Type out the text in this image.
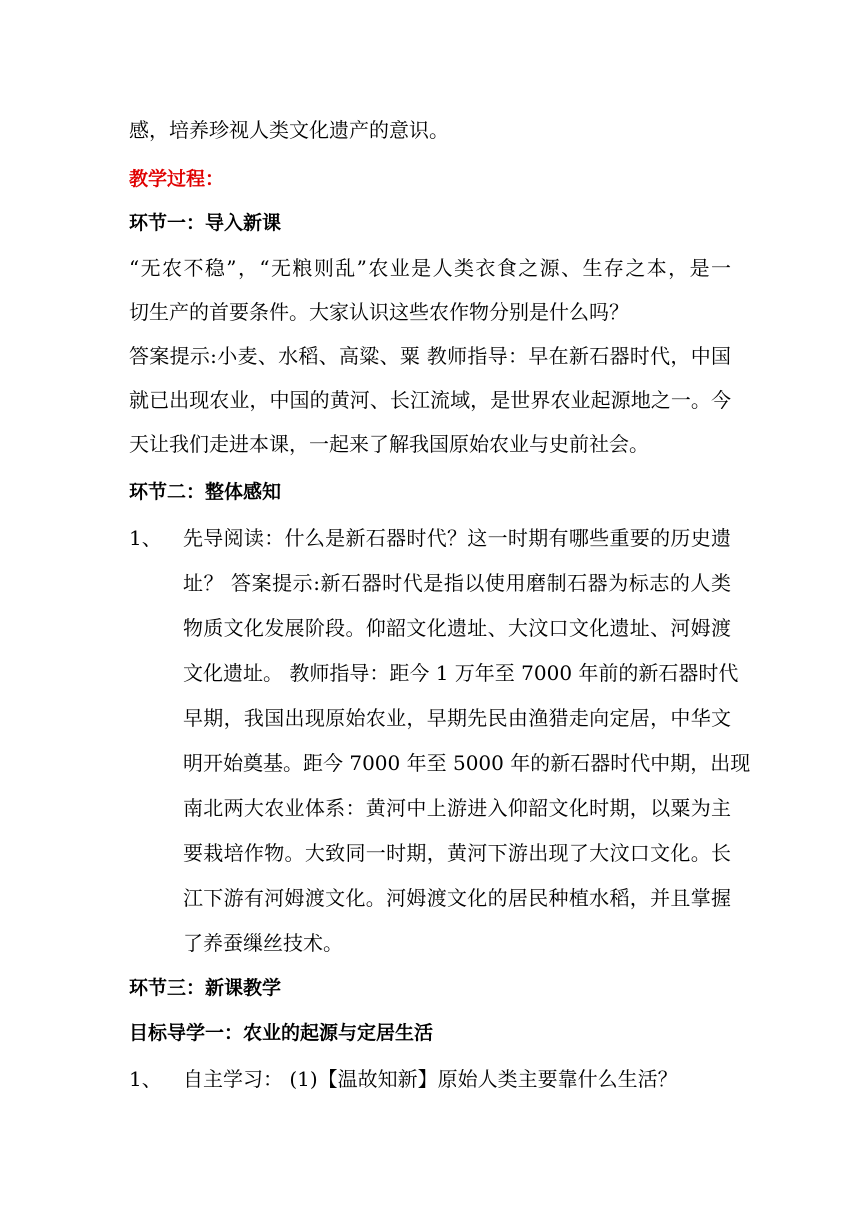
感，培养珍视人类文化遗产的意识。
教学过程：
环节一：导入新课
“无农不稳”，“无粮则乱”农业是人类衣食之源、生存之本，是一
切生产的首要条件。大家认识这些农作物分别是什么吗？
答案提示:小麦、水稻、高粱、粟 教师指导：早在新石器时代，中国
就已出现农业，中国的黄河、长江流域，是世界农业起源地之一。今
天让我们走进本课，一起来了解我国原始农业与史前社会。
环节二：整体感知
1、 先导阅读：什么是新石器时代？这一时期有哪些重要的历史遗
址？ 答案提示:新石器时代是指以使用磨制石器为标志的人类
物质文化发展阶段。仰韶文化遗址、大汶口文化遗址、河姆渡
文化遗址。 教师指导：距今 1 万年至 7000 年前的新石器时代
早期，我国出现原始农业，早期先民由渔猎走向定居，中华文
明开始奠基。距今 7000 年至 5000 年的新石器时代中期，出现
南北两大农业体系：黄河中上游进入仰韶文化时期，以粟为主
要栽培作物。大致同一时期，黄河下游出现了大汶口文化。长
江下游有河姆渡文化。河姆渡文化的居民种植水稻，并且掌握
了养蚕缫丝技术。
环节三：新课教学
目标导学一：农业的起源与定居生活
1、 自主学习： (1)【温故知新】原始人类主要靠什么生活？
